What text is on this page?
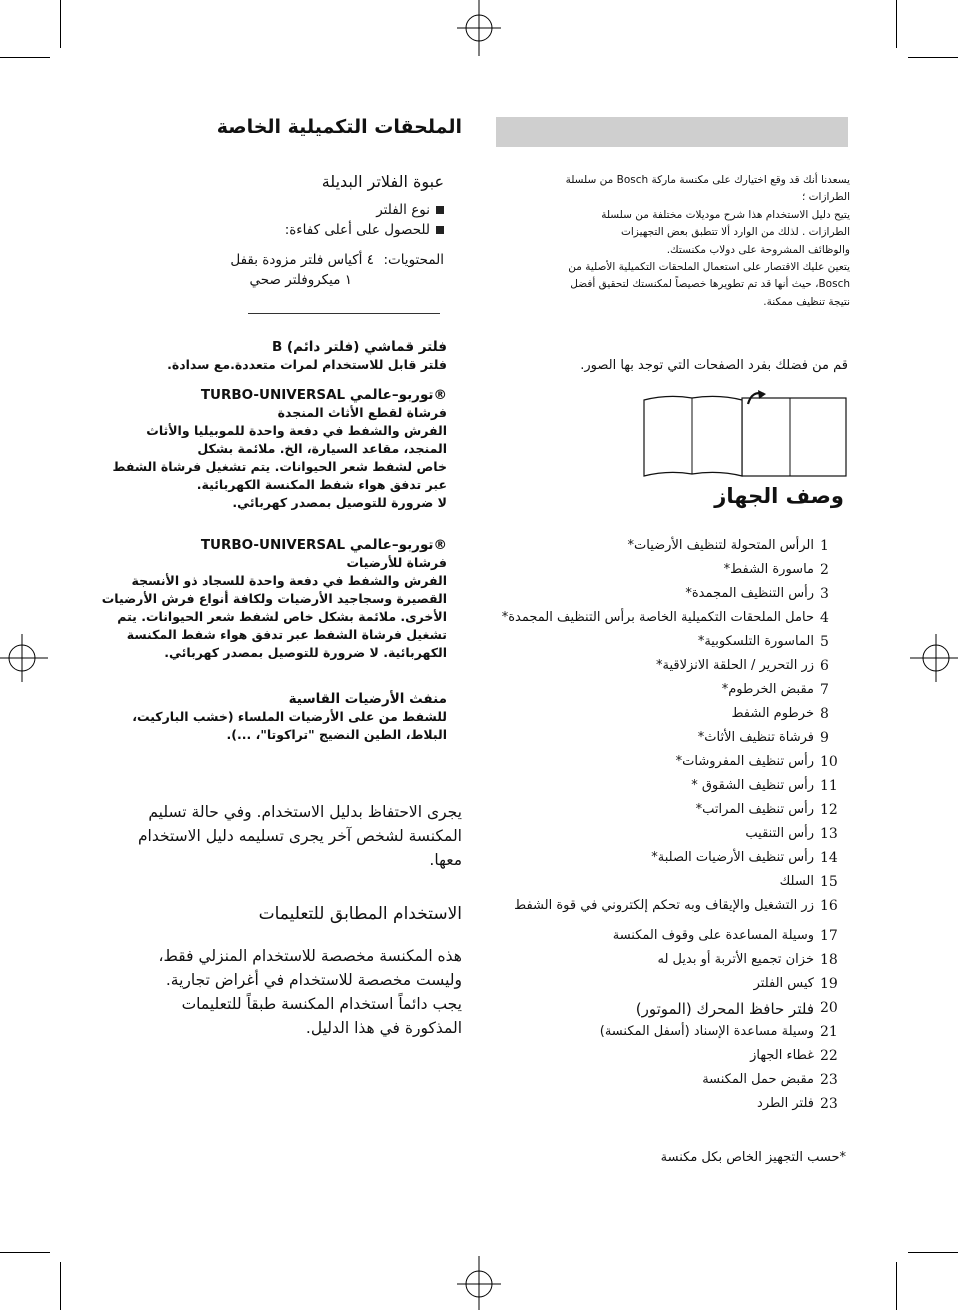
الملحقات التكميلية الخاصة
عبوة الفلاتر البديلة
نوع الفلتر
للحصول على أعلى كفاءة:
المحتويات:
٤ أكياس فلتر مزودة بقفل
١ ميكروفلتر صحي
فلتر قماشي (فلتر دائم) B
فلتر قابل للاستخدام لمرات متعددة.مع سدادة.
TURBO-UNIVERSAL توربو–عالمي®
فرشاة لقطع الأثاث المنجدة
الفرش والشفط في دفعة واحدة للموبيليا والأثاث
المنجد، مقاعد السيارة، الخ. ملائمة بشكل
خاص لشفط شعر الحيوانات. يتم تشغيل فرشاة الشفط
عبر تدفق هواء شفط المكنسة الكهربائية.
لا ضرورة للتوصيل بمصدر كهربائي.
TURBO-UNIVERSAL توربو–عالمي®
فرشاة للأرضيات
الفرش والشفط في دفعة واحدة للسجاد ذو الأنسجة
القصيرة وسجاجيد الأرضيات ولكافة أنواع فرش الأرضيات
الأخرى. ملائمة بشكل خاص لشفط شعر الحيوانات. يتم
تشغيل فرشاة الشفط عبر تدفق هواء شفط المكنسة
الكهربائية. لا ضرورة للتوصيل بمصدر كهربائي.
منفث الأرضيات القاسية
للشفط من على الأرضيات الملساء (خشب الباركيت،
البلاط، الطين النضيج "تراكوتا"، ...).
يجرى الاحتفاظ بدليل الاستخدام. وفي حالة تسليم
المكنسة لشخص آخر يجرى تسليمه دليل الاستخدام
معها.
الاستخدام المطابق للتعليمات
هذه المكنسة مخصصة للاستخدام المنزلي فقط،
وليست مخصصة للاستخدام في أغراض تجارية.
يجب دائماً استخدام المكنسة طبقاً للتعليمات
المذكورة في هذا الدليل.
يسعدنا أنك قد وقع اختيارك على مكنسة ماركة Bosch من سلسلة
الطرازات ؛
يتيح دليل الاستخدام هذا شرح موديلات مختلفة من سلسلة
الطرازات . لذلك من الوارد ألا تتطبق بعض التجهيزات
والوظائف المشروحة على دولاب مكنستك.
يتعين عليك الاقتصار على استعمال الملحقات التكميلية الأصلية من
Bosch، حيث أنها قد تم تطويرها خصيصاً لمكنستك لتحقيق أفضل
نتيجة تنظيف ممكنة.
قم من فضلك بفرد الصفحات التي توجد بها الصور.
وصف الجهاز
1
الرأس المتحولة لتنظيف الأرضيات*
2
ماسورة الشفط*
3
رأس التنظيف المجمدة*
4
حامل الملحقات التكميلية الخاصة برأس التنظيف المجمدة*
5
الماسورة التلسكوبية*
6
زر التحرير / الحلقة الانزلاقية*
7
مقبض الخرطوم*
8
خرطوم الشفط
9
فرشاة تنظيف الأثاث*
10
رأس تنظيف المفروشات*
11
رأس تنظيف الشقوق *
12
رأس تنظيف المراتب*
13
رأس التنقيب
14
رأس تنظيف الأرضيات الصلبة*
15
السلك
16
زر التشغيل والإيقاف وبه تحكم إلكتروني في قوة الشفط
17
وسيلة المساعدة على وقوف المكنسة
18
خزان تجميع الأتربة أو بديل له
19
كيس الفلتر
20
فلتر حافظ المحرك (الموتور)
21
وسيلة مساعدة الإسناد (أسفل المكنسة)
22
غطاء الجهاز
23
مقبض حمل المكنسة
23
فلتر الطرد
*حسب التجهيز الخاص بكل مكنسة
